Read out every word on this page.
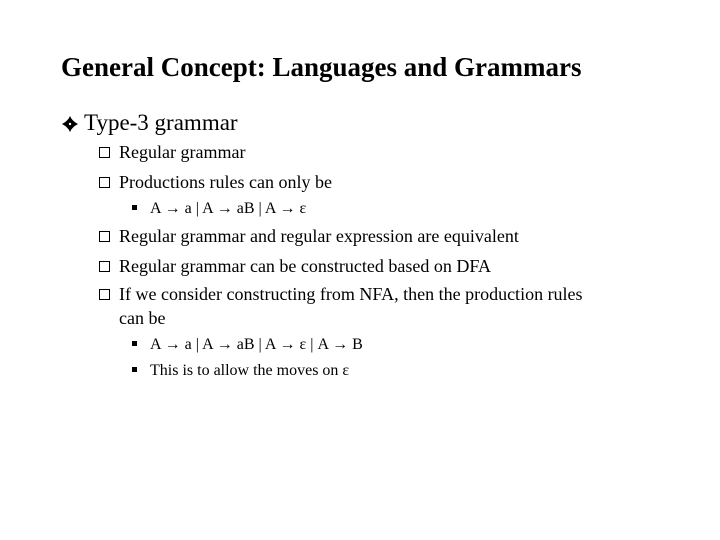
General Concept: Languages and Grammars
Type-3 grammar
Regular grammar
Productions rules can only be
A → a | A → aB | A → ε
Regular grammar and regular expression are equivalent
Regular grammar can be constructed based on DFA
If we consider constructing from NFA, then the production rules
can be
A → a | A → aB | A → ε | A → B
This is to allow the moves on ε
